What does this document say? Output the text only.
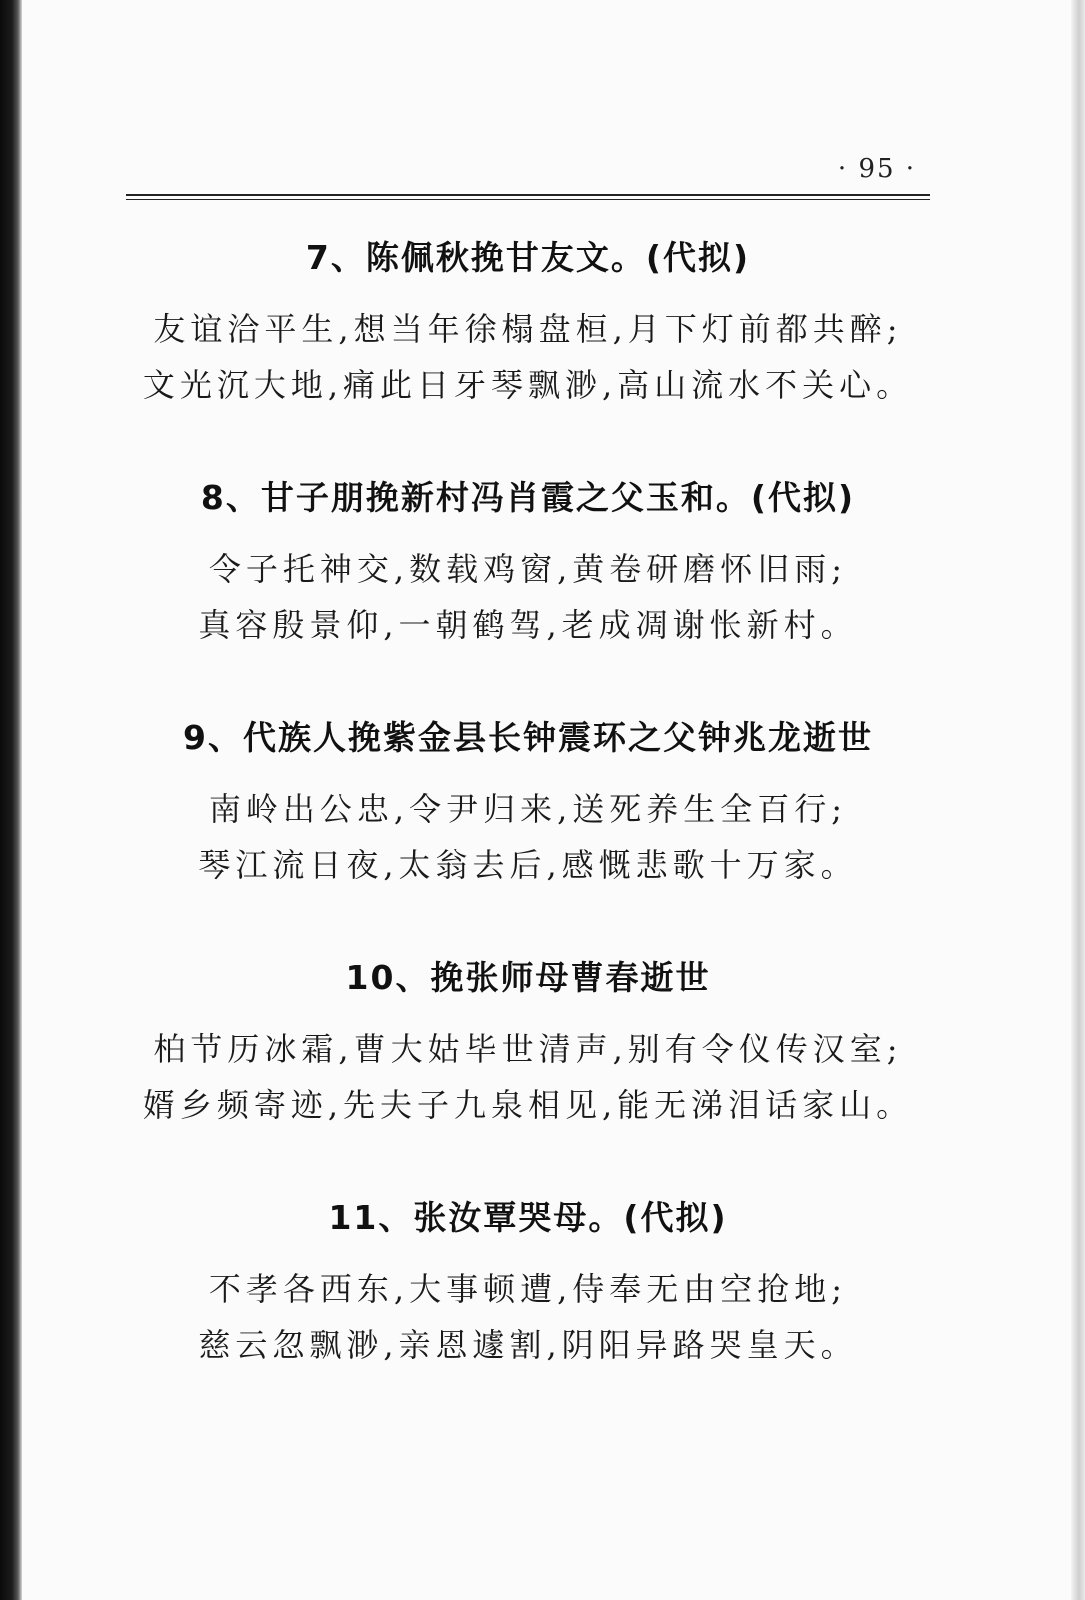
· 95 ·
7、陈佩秋挽甘友文。(代拟)
友谊洽平生,想当年徐榻盘桓,月下灯前都共醉;
文光沉大地,痛此日牙琴飘渺,高山流水不关心。
8、甘子朋挽新村冯肖霞之父玉和。(代拟)
令子托神交,数载鸡窗,黄卷研磨怀旧雨;
真容殷景仰,一朝鹤驾,老成凋谢怅新村。
9、代族人挽紫金县长钟震环之父钟兆龙逝世
南岭出公忠,令尹归来,送死养生全百行;
琴江流日夜,太翁去后,感慨悲歌十万家。
10、挽张师母曹春逝世
柏节历冰霜,曹大姑毕世清声,别有令仪传汉室;
婿乡频寄迹,先夫子九泉相见,能无涕泪话家山。
11、张汝覃哭母。(代拟)
不孝各西东,大事顿遭,侍奉无由空抢地;
慈云忽飘渺,亲恩遽割,阴阳异路哭皇天。
